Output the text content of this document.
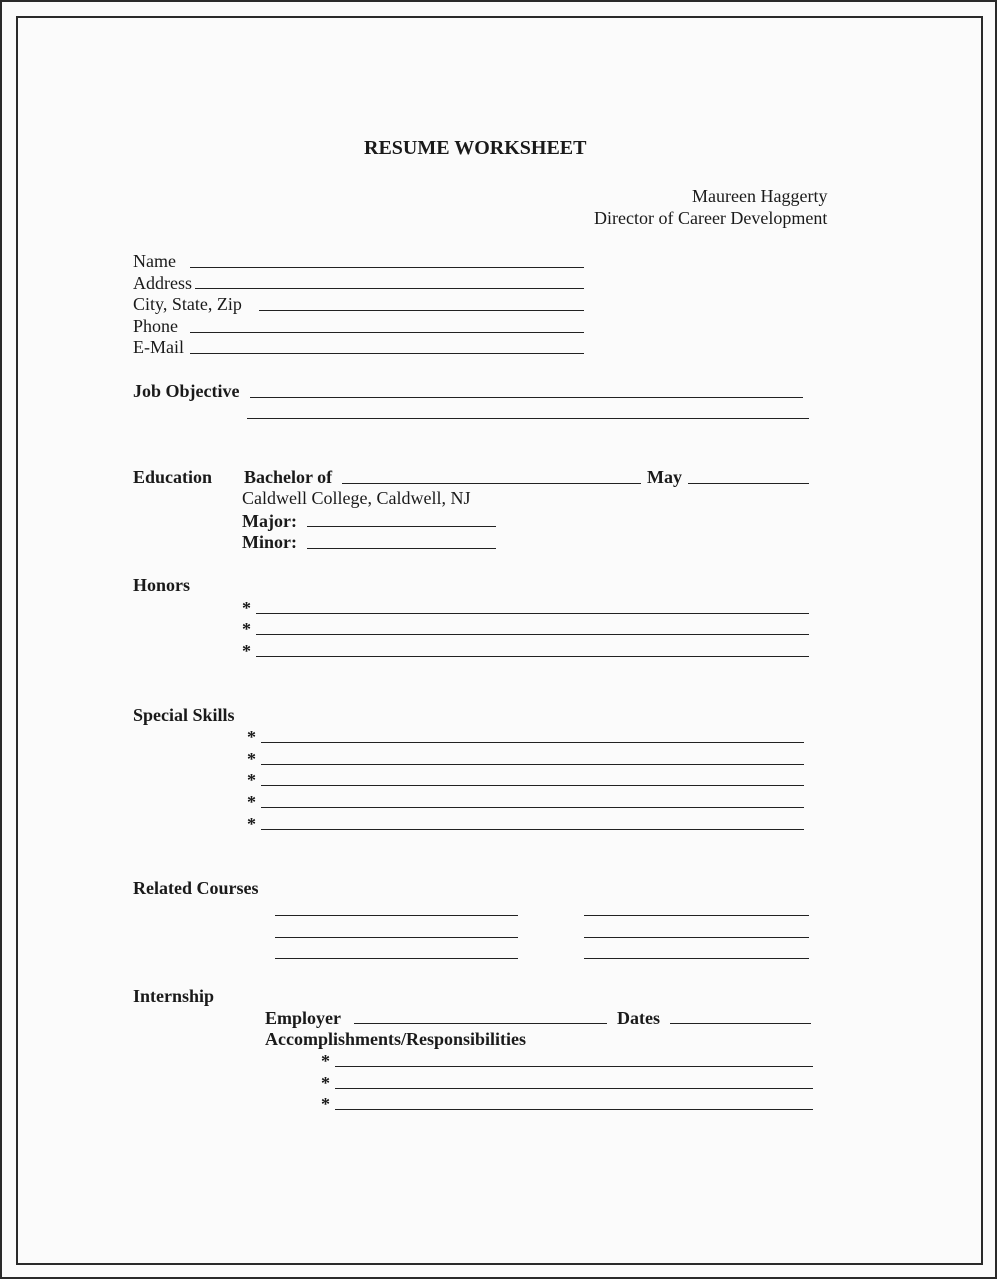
RESUME WORKSHEET
Maureen Haggerty
Director of Career Development
Name
Address
City, State, Zip
Phone
E-Mail
Job Objective
Education Bachelor of	May
Caldwell College, Caldwell, NJ
Major:
Minor:
Honors
*
*
*
Special Skills
*
*
*
*
*
Related Courses
Internship
Employer	Dates
Accomplishments/Responsibilities
*
*
*
